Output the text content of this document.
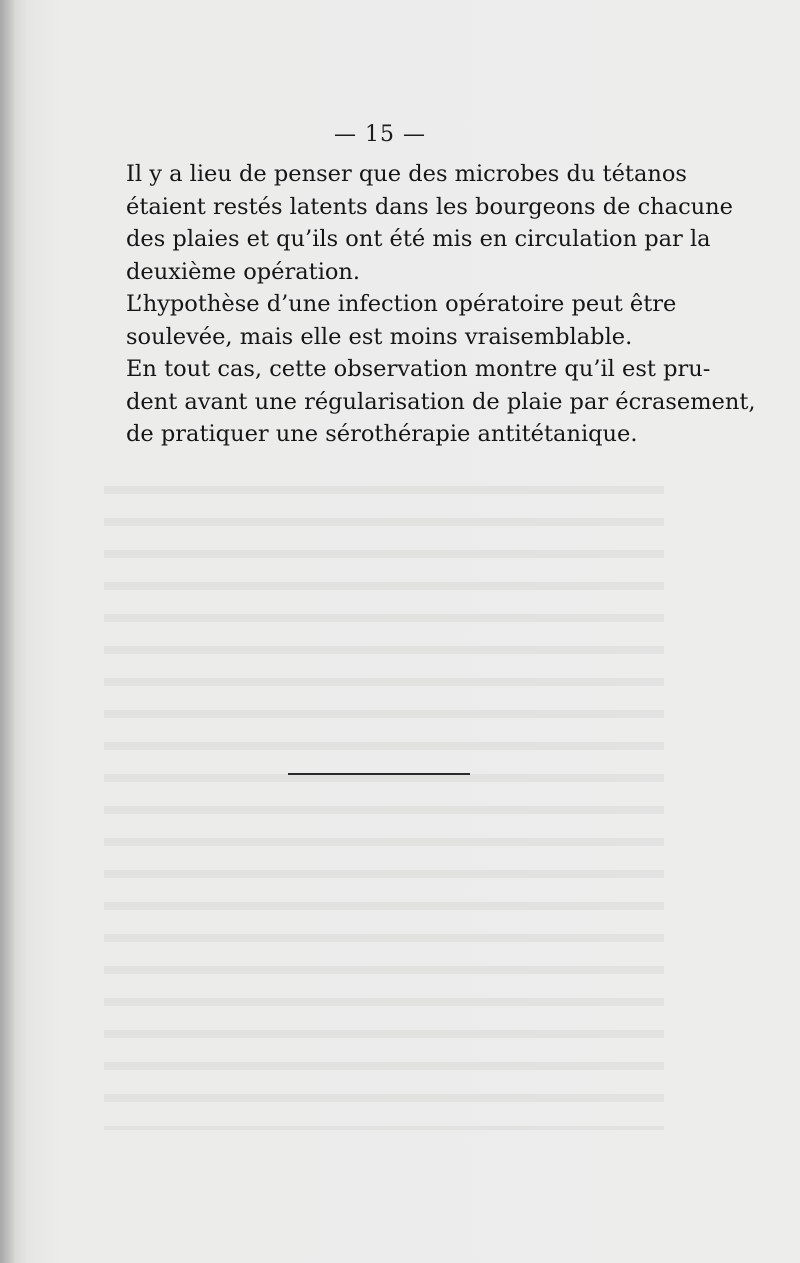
— 15 —

Il y a lieu de penser que des microbes du tétanos
étaient restés latents dans les bourgeons de chacune
des plaies et qu’ils ont été mis en circulation par la
deuxième opération.

L’hypothèse d’une infection opératoire peut être
soulevée, mais elle est moins vraisemblable.

En tout cas, cette observation montre qu’il est pru-
dent avant une régularisation de plaie par écrasement,
de pratiquer une sérothérapie antitétanique.
